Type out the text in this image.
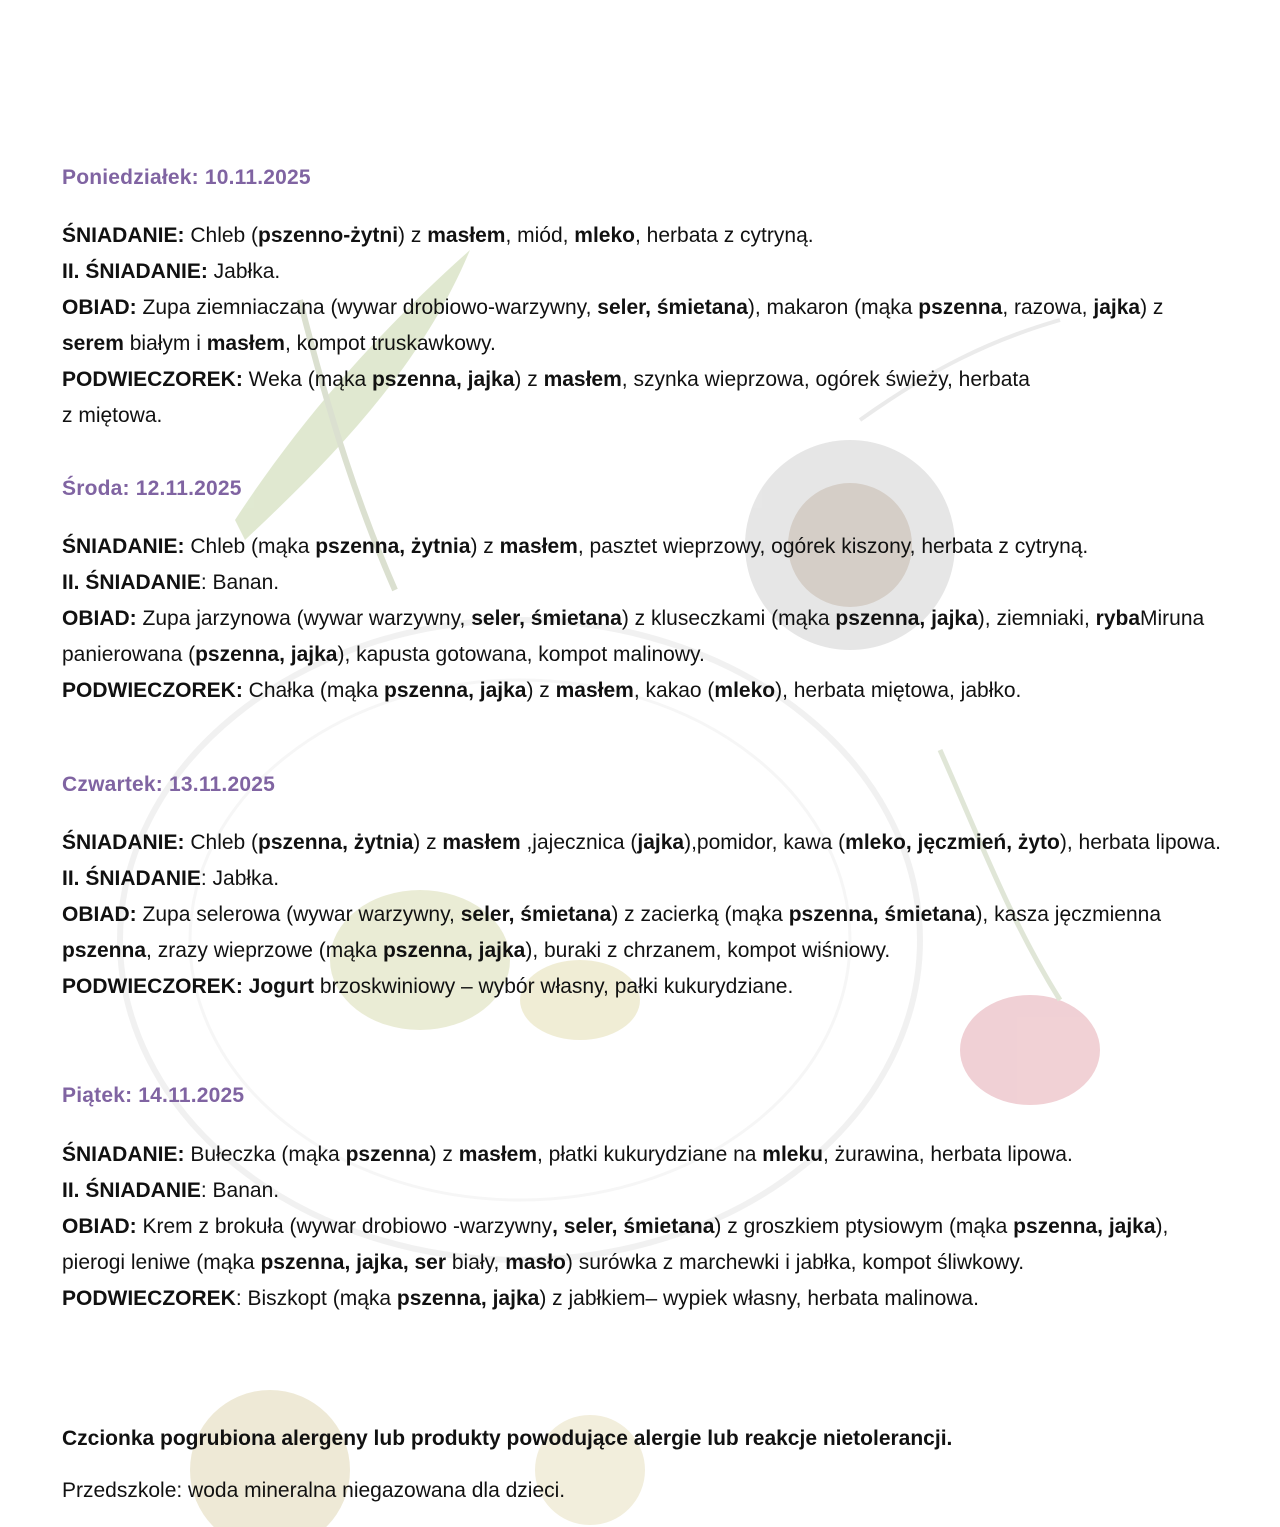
Poniedziałek: 10.11.2025

ŚNIADANIE: Chleb (pszenno-żytni) z masłem, miód, mleko, herbata z cytryną.

II. ŚNIADANIE: Jabłka.

OBIAD: Zupa ziemniaczana (wywar drobiowo-warzywny, seler, śmietana), makaron (mąka pszenna, razowa, jajka) z serem białym i masłem, kompot truskawkowy.

PODWIECZOREK: Weka (mąka pszenna, jajka) z masłem, szynka wieprzowa, ogórek świeży, herbata
z miętowa.

Środa: 12.11.2025

ŚNIADANIE: Chleb (mąka pszenna, żytnia) z masłem, pasztet wieprzowy, ogórek kiszony, herbata z cytryną.

II. ŚNIADANIE: Banan.

OBIAD: Zupa jarzynowa (wywar warzywny, seler, śmietana) z kluseczkami (mąka pszenna, jajka), ziemniaki, rybaMiruna panierowana (pszenna, jajka), kapusta gotowana, kompot malinowy.

PODWIECZOREK: Chałka (mąka pszenna, jajka) z masłem, kakao (mleko), herbata miętowa, jabłko.

Czwartek: 13.11.2025

ŚNIADANIE: Chleb (pszenna, żytnia) z masłem ,jajecznica (jajka),pomidor, kawa (mleko, jęczmień, żyto), herbata lipowa.

II. ŚNIADANIE: Jabłka.

OBIAD: Zupa selerowa (wywar warzywny, seler, śmietana) z zacierką (mąka pszenna, śmietana), kasza jęczmienna pszenna, zrazy wieprzowe (mąka pszenna, jajka), buraki z chrzanem, kompot wiśniowy.

PODWIECZOREK: Jogurt brzoskwiniowy – wybór własny, pałki kukurydziane.

Piątek: 14.11.2025

ŚNIADANIE: Bułeczka (mąka pszenna) z masłem, płatki kukurydziane na mleku, żurawina, herbata lipowa.

II. ŚNIADANIE: Banan.

OBIAD: Krem z brokuła (wywar drobiowo -warzywny, seler, śmietana) z groszkiem ptysiowym (mąka pszenna, jajka), pierogi leniwe (mąka pszenna, jajka, ser biały, masło) surówka z marchewki i jabłka, kompot śliwkowy.

PODWIECZOREK: Biszkopt (mąka pszenna, jajka) z jabłkiem– wypiek własny, herbata malinowa.

Czcionka pogrubiona alergeny lub produkty powodujące alergie lub reakcje nietolerancji.

Przedszkole: woda mineralna niegazowana dla dzieci.
